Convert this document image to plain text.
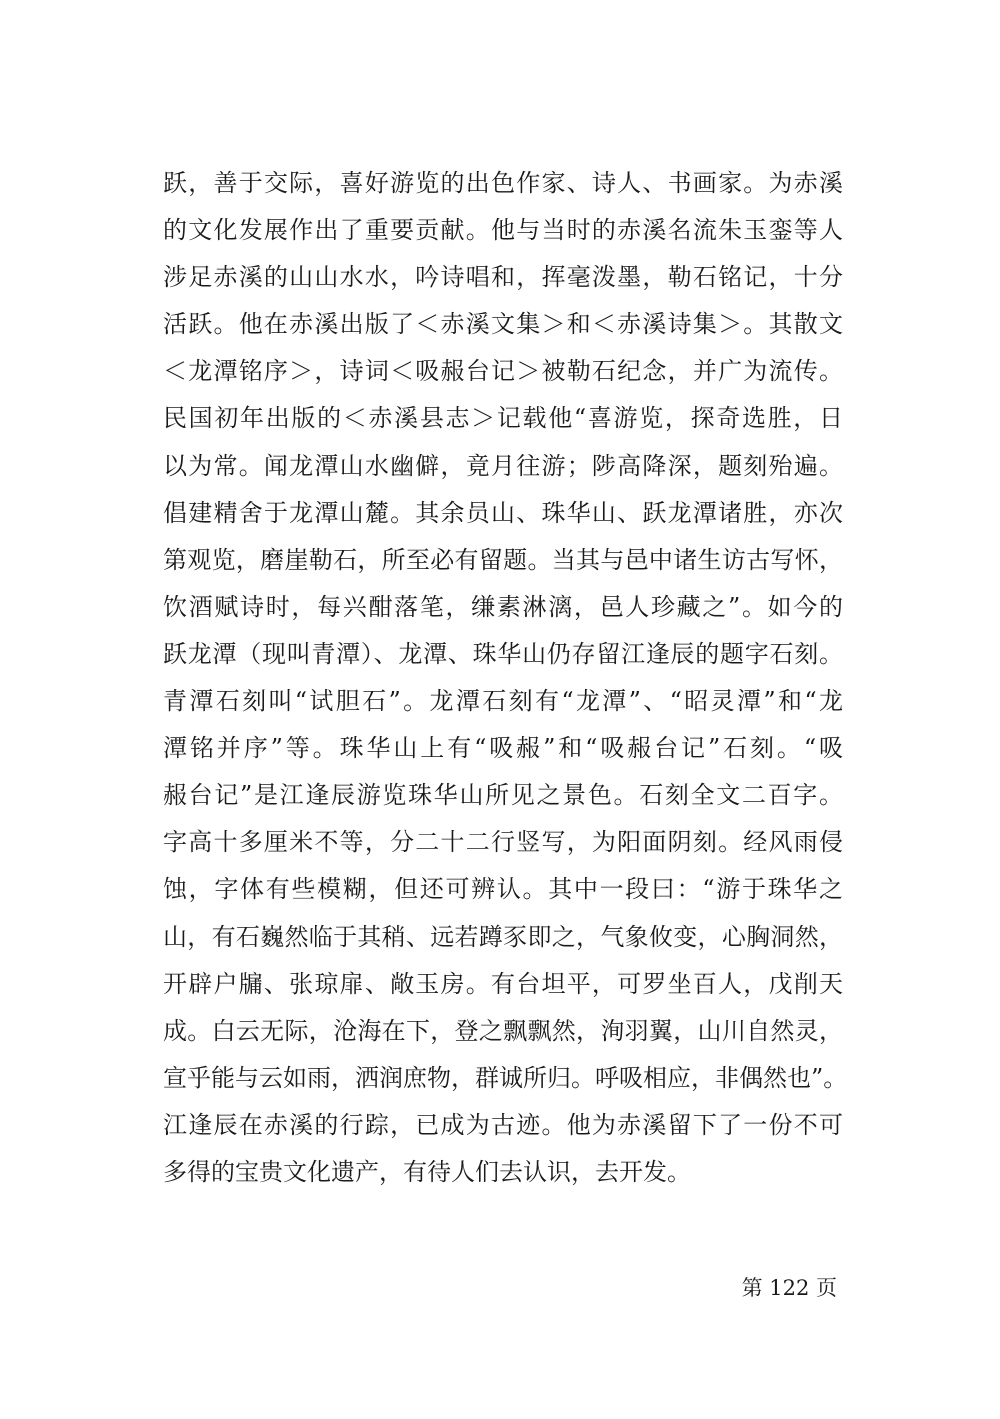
跃，善于交际，喜好游览的出色作家、诗人、书画家。为赤溪
的文化发展作出了重要贡献。他与当时的赤溪名流朱玉銮等人
涉足赤溪的山山水水，吟诗唱和，挥毫泼墨，勒石铭记，十分
活跃。他在赤溪出版了＜赤溪文集＞和＜赤溪诗集＞。其散文
＜龙潭铭序＞，诗词＜吸赧台记＞被勒石纪念，并广为流传。
民国初年出版的＜赤溪县志＞记载他“喜游览，探奇选胜，日
以为常。闻龙潭山水幽僻，竟月往游；陟高降深，题刻殆遍。
倡建精舍于龙潭山麓。其余员山、珠华山、跃龙潭诸胜，亦次
第观览，磨崖勒石，所至必有留题。当其与邑中诸生访古写怀，
饮酒赋诗时，每兴酣落笔，缣素淋漓，邑人珍藏之”。如今的
跃龙潭（现叫青潭）、龙潭、珠华山仍存留江逢辰的题字石刻。
青潭石刻叫“试胆石”。龙潭石刻有“龙潭”、“昭灵潭”和“龙
潭铭并序”等。珠华山上有“吸赧”和“吸赧台记”石刻。“吸
赧台记”是江逢辰游览珠华山所见之景色。石刻全文二百字。
字高十多厘米不等，分二十二行竖写，为阳面阴刻。经风雨侵
蚀，字体有些模糊，但还可辨认。其中一段曰：“游于珠华之
山，有石巍然临于其稍、远若蹲豕即之，气象攸变，心胸洞然，
开辟户牖、张琼扉、敞玉房。有台坦平，可罗坐百人，戊削天
成。白云无际，沧海在下，登之飘飘然，洵羽翼，山川自然灵，
宣乎能与云如雨，洒润庶物，群诚所归。呼吸相应，非偶然也”。
江逢辰在赤溪的行踪，已成为古迹。他为赤溪留下了一份不可
多得的宝贵文化遗产，有待人们去认识，去开发。
第 122 页
